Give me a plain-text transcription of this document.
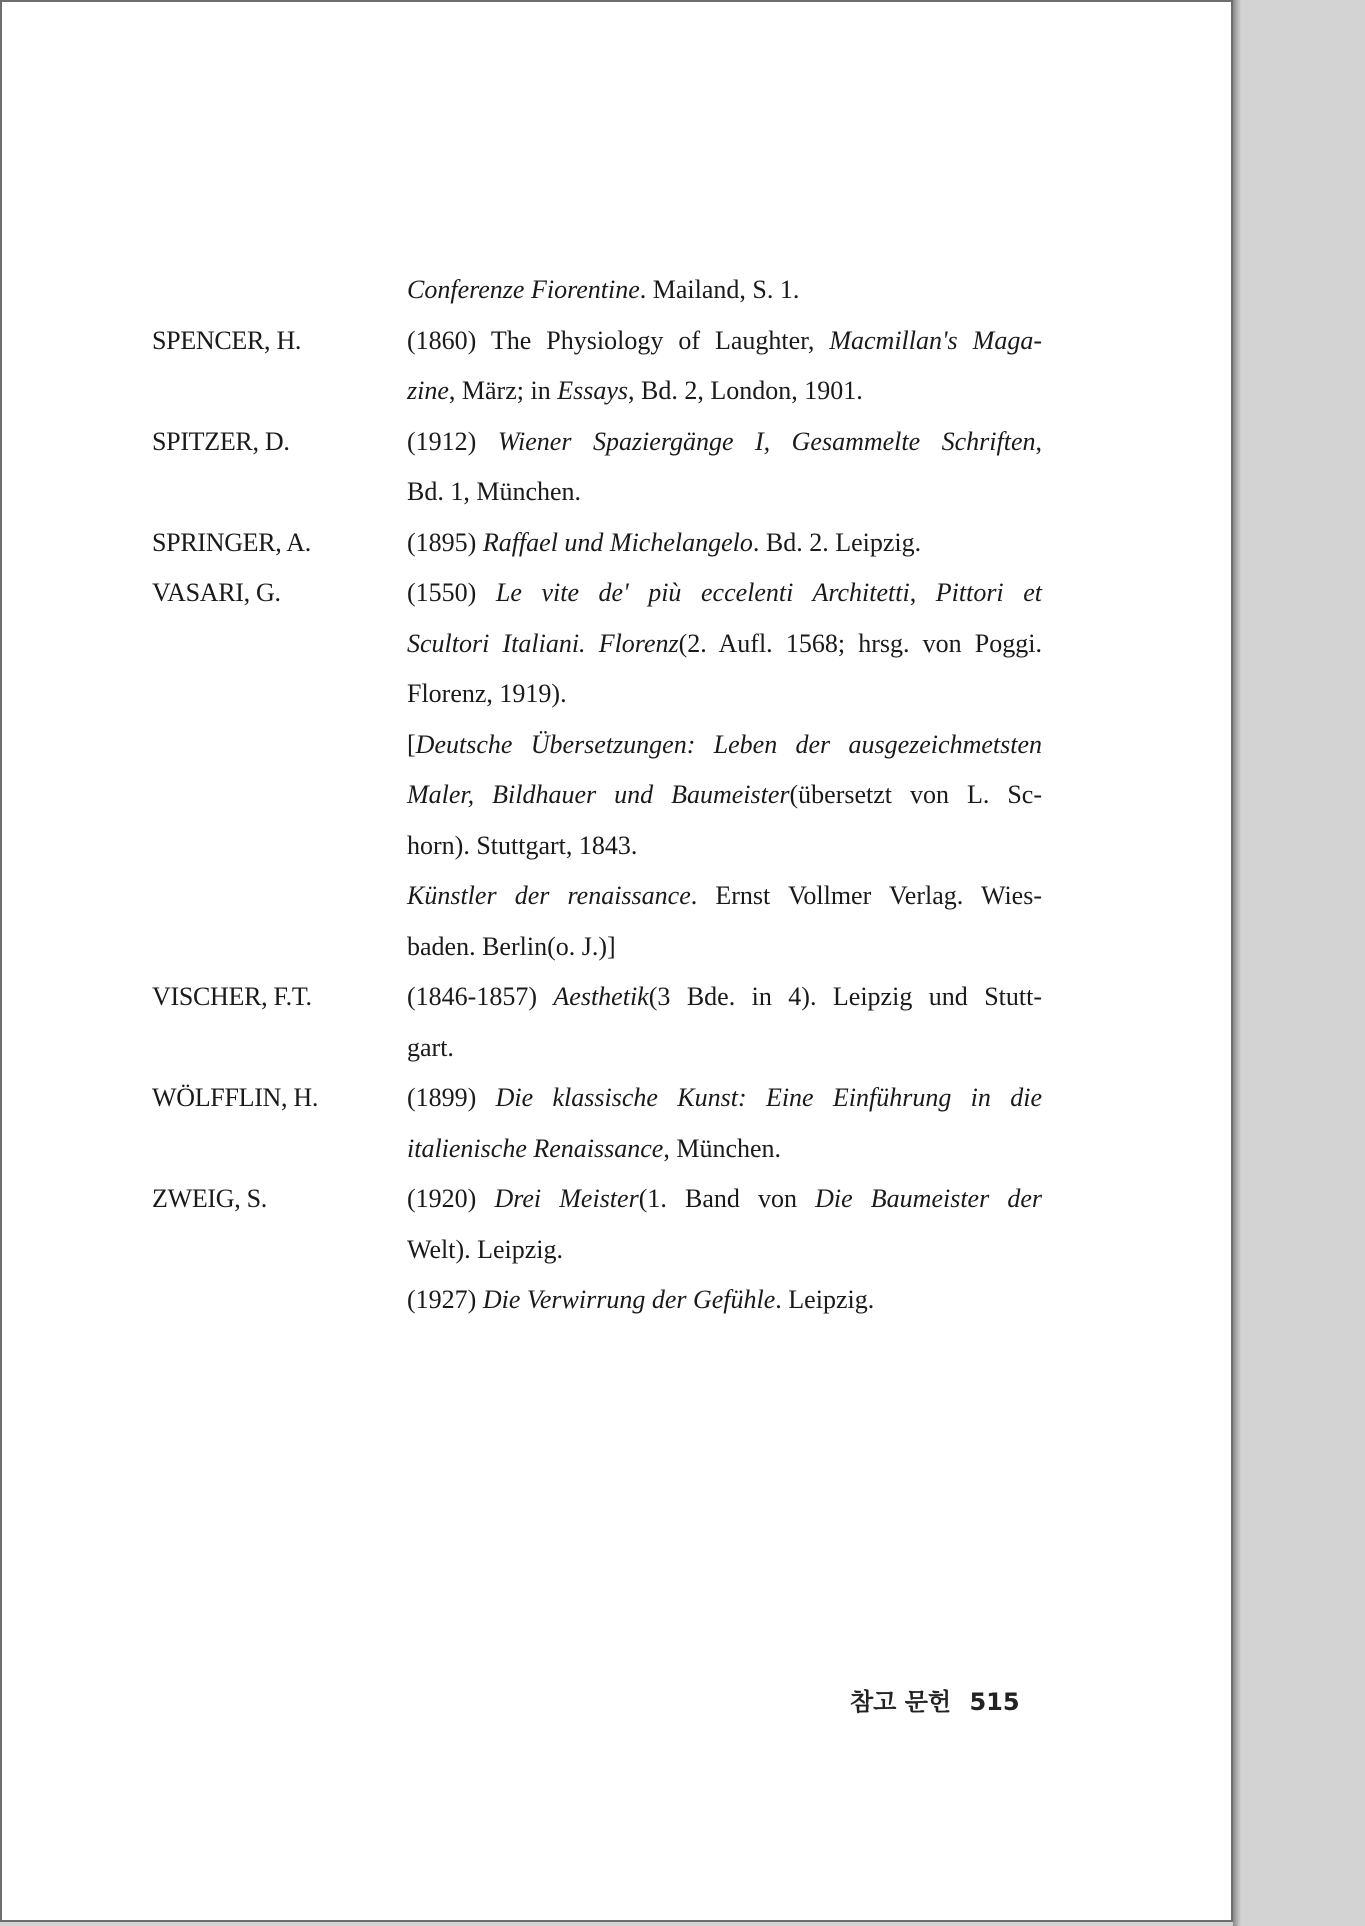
Conferenze Fiorentine. Mailand, S. 1.
SPENCER, H.	(1860) The Physiology of Laughter, Macmillan's Maga-
zine, März; in Essays, Bd. 2, London, 1901.
SPITZER, D.	(1912) Wiener Spaziergänge I, Gesammelte Schriften,
Bd. 1, München.
SPRINGER, A.	(1895) Raffael und Michelangelo. Bd. 2. Leipzig.
VASARI, G.	(1550) Le vite de' più eccelenti Architetti, Pittori et
Scultori Italiani. Florenz(2. Aufl. 1568; hrsg. von Poggi.
Florenz, 1919).
[Deutsche Übersetzungen: Leben der ausgezeichmetsten
Maler, Bildhauer und Baumeister(übersetzt von L. Sc-
horn). Stuttgart, 1843.
Künstler der renaissance. Ernst Vollmer Verlag. Wies-
baden. Berlin(o. J.)]
VISCHER, F.T.	(1846-1857) Aesthetik(3 Bde. in 4). Leipzig und Stutt-
gart.
WÖLFFLIN, H.	(1899) Die klassische Kunst: Eine Einführung in die
italienische Renaissance, München.
ZWEIG, S.	(1920) Drei Meister(1. Band von Die Baumeister der
Welt). Leipzig.
(1927) Die Verwirrung der Gefühle. Leipzig.
참고 문헌 515
